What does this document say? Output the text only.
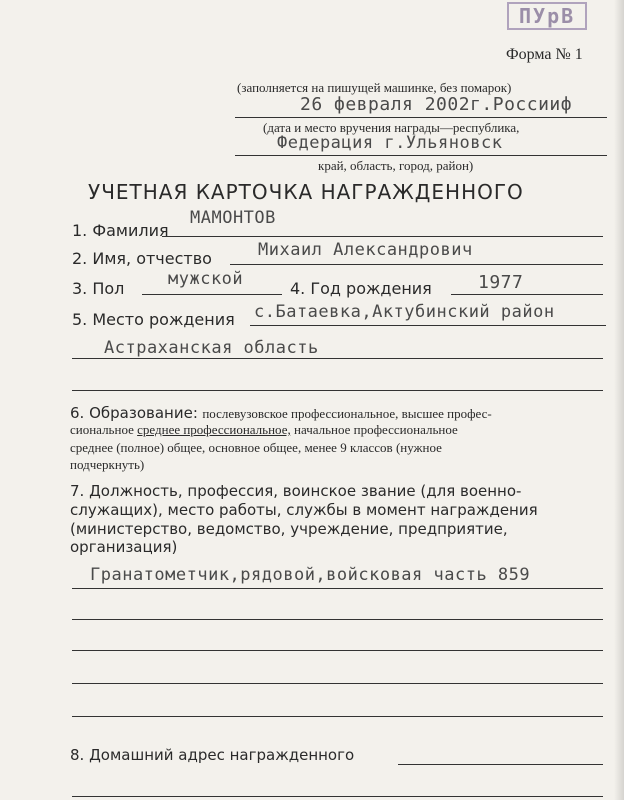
ПУрВ
Форма № 1
(заполняется на пишущей машинке, без помарок)
26 февраля 2002г.Россииф
(дата и место вручения награды—республика,
Федерация г.Ульяновск
край, область, город, район)
УЧЕТНАЯ КАРТОЧКА НАГРАЖДЕННОГО
1. Фамилия
МАМОНТОВ
2. Имя, отчество	Михаил Александрович
3. Пол	мужской	4. Год рождения	1977
5. Место рождения с.Батаевка,Актубинский район
Астраханская область
6. Образование: послевузовское профессиональное, высшее профес-
сиональное среднее профессиональное, начальное профессиональное
среднее (полное) общее, основное общее, менее 9 классов (нужное
подчеркнуть)
7. Должность, профессия, воинское звание (для военно-
служащих), место работы, службы в момент награждения
(министерство, ведомство, учреждение, предприятие,
организация)
Гранатометчик,рядовой,войсковая часть 859
8. Домашний адрес награжденного
